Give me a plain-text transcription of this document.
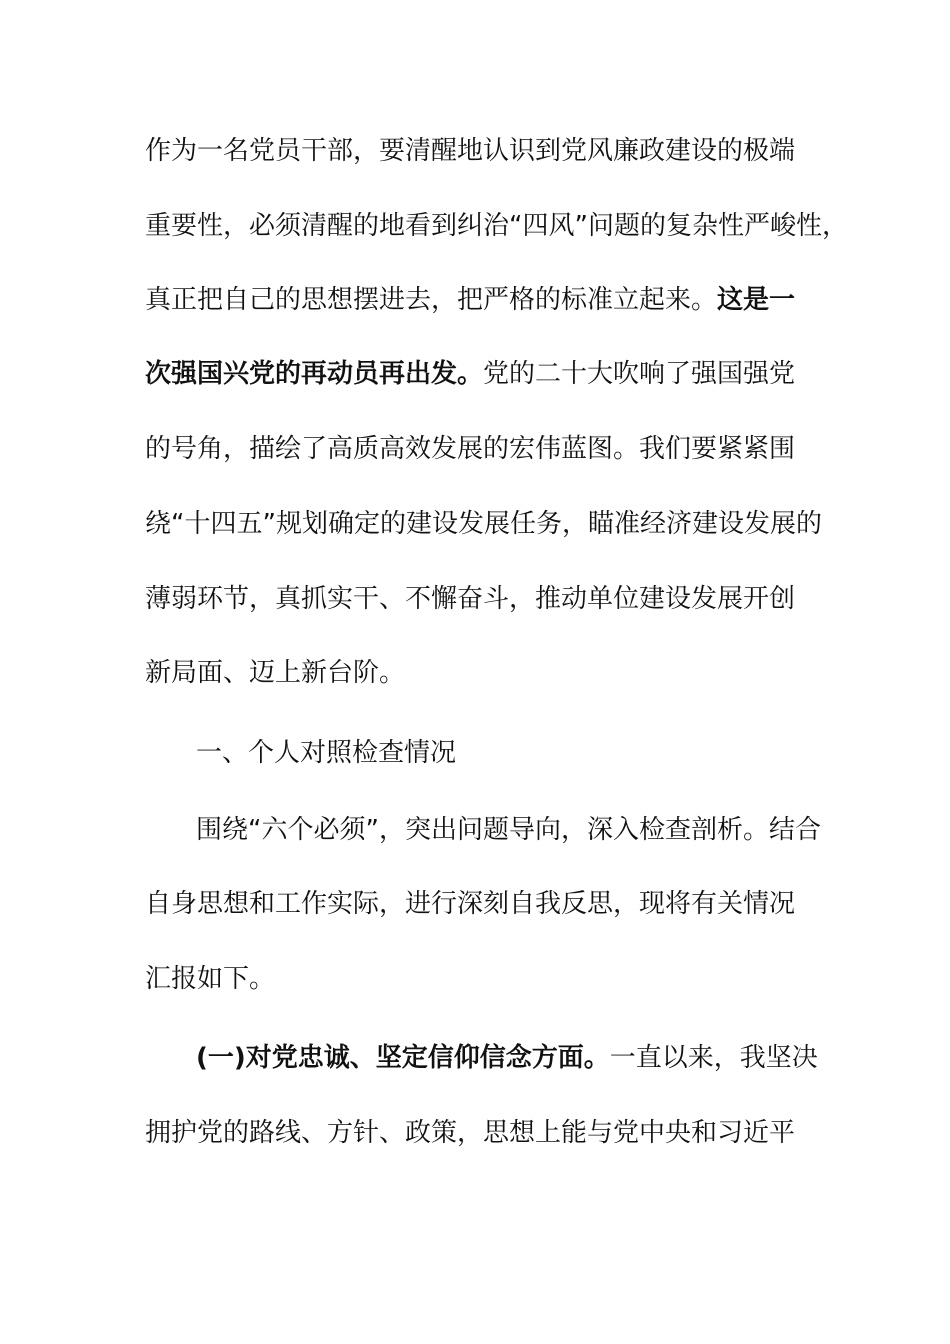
作为一名党员干部，要清醒地认识到党风廉政建设的极端
重要性，必须清醒的地看到纠治“四风”问题的复杂性严峻性，
真正把自己的思想摆进去，把严格的标准立起来。这是一
次强国兴党的再动员再出发。党的二十大吹响了强国强党
的号角，描绘了高质高效发展的宏伟蓝图。我们要紧紧围
绕“十四五”规划确定的建设发展任务，瞄准经济建设发展的
薄弱环节，真抓实干、不懈奋斗，推动单位建设发展开创
新局面、迈上新台阶。
一、个人对照检查情况
围绕“六个必须”，突出问题导向，深入检查剖析。结合
自身思想和工作实际，进行深刻自我反思，现将有关情况
汇报如下。
(一)对党忠诚、坚定信仰信念方面。一直以来，我坚决
拥护党的路线、方针、政策，思想上能与党中央和习近平
